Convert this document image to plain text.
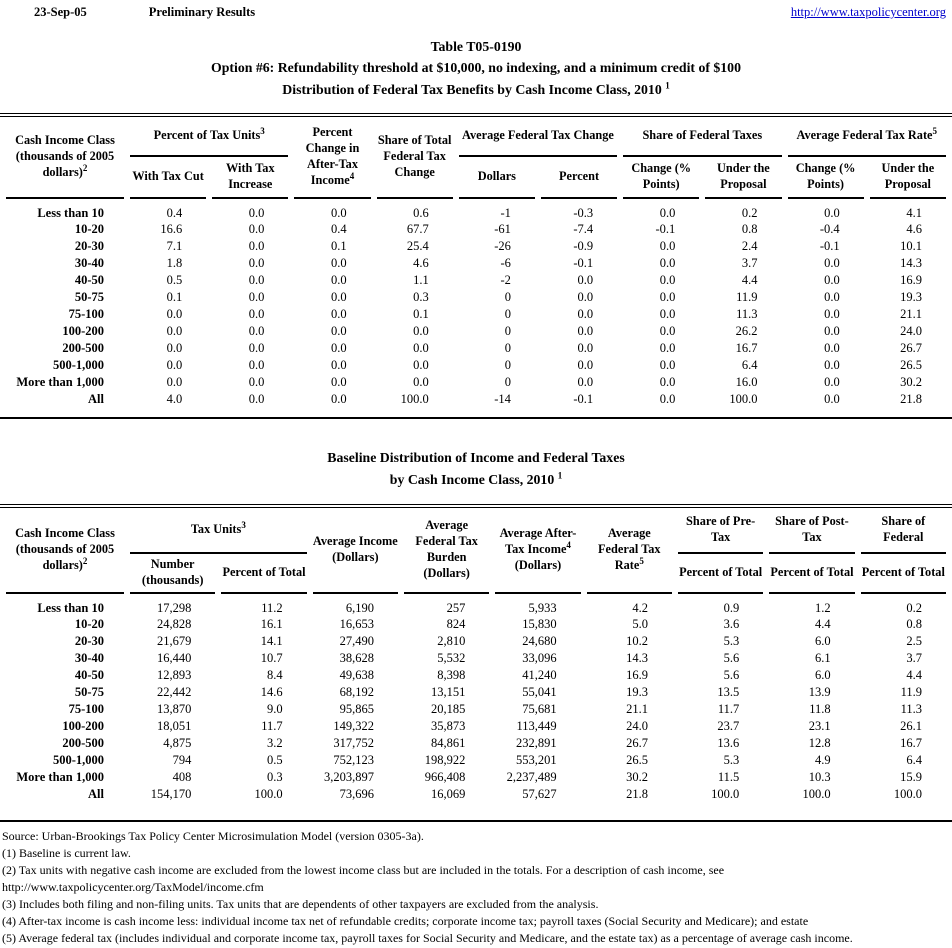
23-Sep-05	Preliminary Results	http://www.taxpolicycenter.org
Table T05-0190
Option #6: Refundability threshold at $10,000, no indexing, and a minimum credit of $100
Distribution of Federal Tax Benefits by Cash Income Class, 2010 $^1$
Cash Income Class (thousands of 2005 dollars)$^2$	Percent of Tax Units$^3$		Percent Change in After-Tax Income$^4$	Share of Total Federal Tax Change	Average Federal Tax Change		Share of Federal Taxes		Average Federal Tax Rate$^5$
	With Tax Cut	With Tax Increase			Dollars	Percent	Change (% Points)	Under the Proposal	Change (% Points)	Under the Proposal
Less than 10	0.4	0.0	0.0	0.6	-1	-0.3	0.0	0.2	0.0	4.1
10-20	16.6	0.0	0.4	67.7	-61	-7.4	-0.1	0.8	-0.4	4.6
20-30	7.1	0.0	0.1	25.4	-26	-0.9	0.0	2.4	-0.1	10.1
30-40	1.8	0.0	0.0	4.6	-6	-0.1	0.0	3.7	0.0	14.3
40-50	0.5	0.0	0.0	1.1	-2	0.0	0.0	4.4	0.0	16.9
50-75	0.1	0.0	0.0	0.3	0	0.0	0.0	11.9	0.0	19.3
75-100	0.0	0.0	0.0	0.1	0	0.0	0.0	11.3	0.0	21.1
100-200	0.0	0.0	0.0	0.0	0	0.0	0.0	26.2	0.0	24.0
200-500	0.0	0.0	0.0	0.0	0	0.0	0.0	16.7	0.0	26.7
500-1,000	0.0	0.0	0.0	0.0	0	0.0	0.0	6.4	0.0	26.5
More than 1,000	0.0	0.0	0.0	0.0	0	0.0	0.0	16.0	0.0	30.2
All	4.0	0.0	0.0	100.0	-14	-0.1	0.0	100.0	0.0	21.8
Baseline Distribution of Income and Federal Taxes
by Cash Income Class, 2010 $^1$
Cash Income Class (thousands of 2005 dollars)$^2$	Tax Units$^3$		Average Income (Dollars)	Average Federal Tax Burden (Dollars)	Average After-Tax Income$^4$ (Dollars)	Average Federal Tax Rate$^5$	Share of Pre-Tax	Share of Post-Tax	Share of Federal
	Number (thousands)	Percent of Total					Percent of Total	Percent of Total	Percent of Total
Less than 10	17,298	11.2	6,190	257	5,933	4.2	0.9	1.2	0.2
10-20	24,828	16.1	16,653	824	15,830	5.0	3.6	4.4	0.8
20-30	21,679	14.1	27,490	2,810	24,680	10.2	5.3	6.0	2.5
30-40	16,440	10.7	38,628	5,532	33,096	14.3	5.6	6.1	3.7
40-50	12,893	8.4	49,638	8,398	41,240	16.9	5.6	6.0	4.4
50-75	22,442	14.6	68,192	13,151	55,041	19.3	13.5	13.9	11.9
75-100	13,870	9.0	95,865	20,185	75,681	21.1	11.7	11.8	11.3
100-200	18,051	11.7	149,322	35,873	113,449	24.0	23.7	23.1	26.1
200-500	4,875	3.2	317,752	84,861	232,891	26.7	13.6	12.8	16.7
500-1,000	794	0.5	752,123	198,922	553,201	26.5	5.3	4.9	6.4
More than 1,000	408	0.3	3,203,897	966,408	2,237,489	30.2	11.5	10.3	15.9
All	154,170	100.0	73,696	16,069	57,627	21.8	100.0	100.0	100.0
Source: Urban-Brookings Tax Policy Center Microsimulation Model (version 0305-3a).
(1) Baseline is current law.
(2) Tax units with negative cash income are excluded from the lowest income class but are included in the totals. For a description of cash income, see
http://www.taxpolicycenter.org/TaxModel/income.cfm
(3) Includes both filing and non-filing units. Tax units that are dependents of other taxpayers are excluded from the analysis.
(4) After-tax income is cash income less: individual income tax net of refundable credits; corporate income tax; payroll taxes (Social Security and Medicare); and estate
(5) Average federal tax (includes individual and corporate income tax, payroll taxes for Social Security and Medicare, and the estate tax) as a percentage of average cash income.
